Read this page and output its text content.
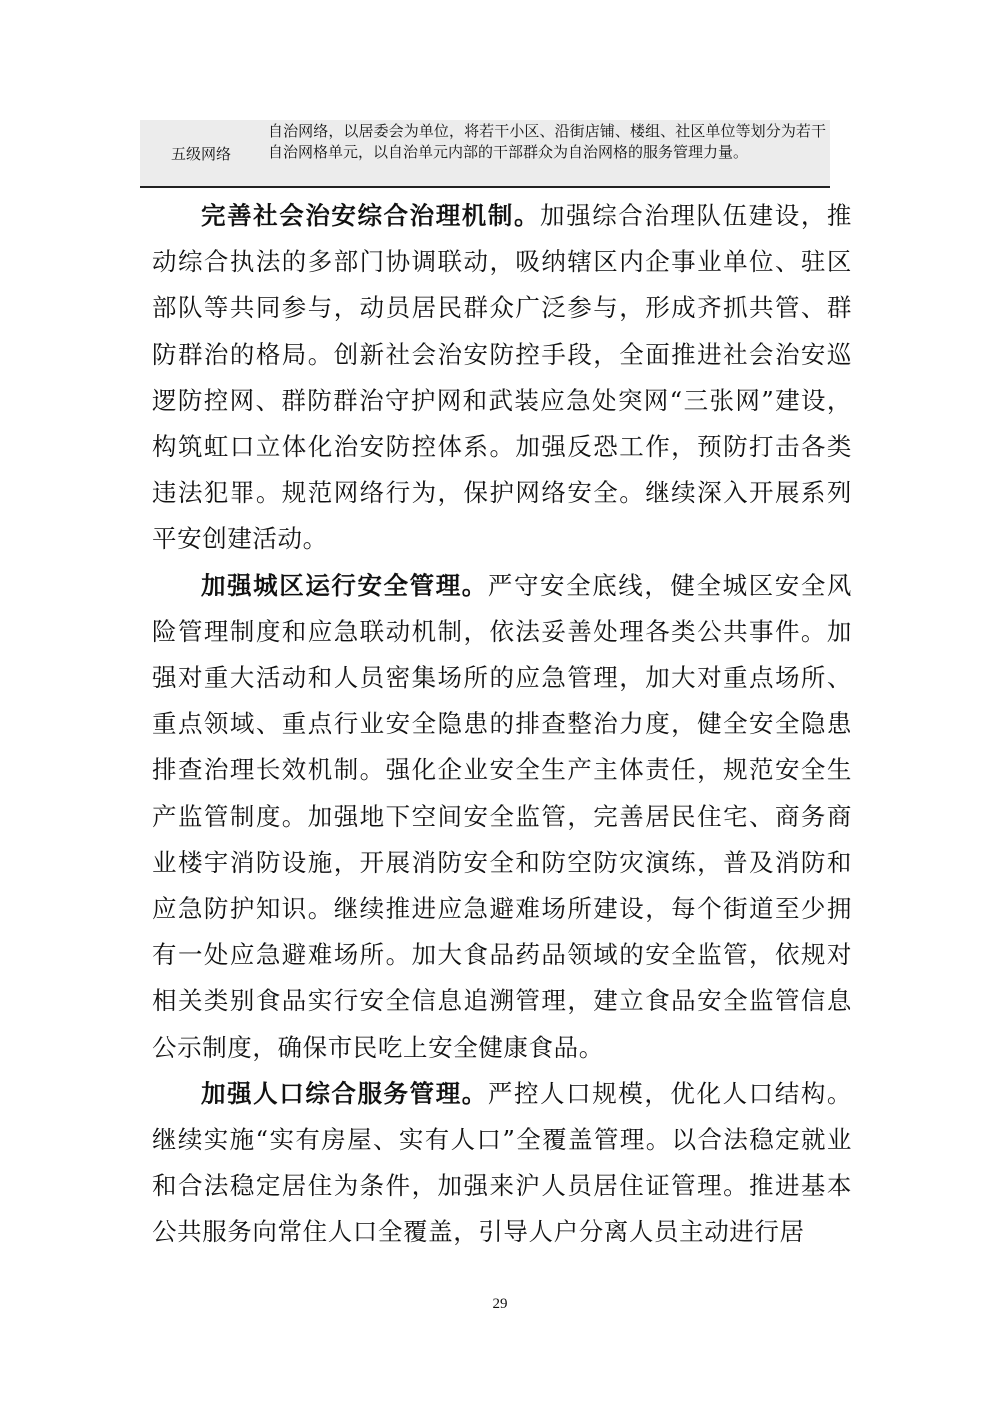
五级网络
自治网络，以居委会为单位，将若干小区、沿街店铺、楼组、社区单位等划分为若干自治网格单元，以自治单元内部的干部群众为自治网格的服务管理力量。

完善社会治安综合治理机制。加强综合治理队伍建设，推动综合执法的多部门协调联动，吸纳辖区内企事业单位、驻区部队等共同参与，动员居民群众广泛参与，形成齐抓共管、群防群治的格局。创新社会治安防控手段，全面推进社会治安巡逻防控网、群防群治守护网和武装应急处突网“三张网”建设，构筑虹口立体化治安防控体系。加强反恐工作，预防打击各类违法犯罪。规范网络行为，保护网络安全。继续深入开展系列平安创建活动。

加强城区运行安全管理。严守安全底线，健全城区安全风险管理制度和应急联动机制，依法妥善处理各类公共事件。加强对重大活动和人员密集场所的应急管理，加大对重点场所、重点领域、重点行业安全隐患的排查整治力度，健全安全隐患排查治理长效机制。强化企业安全生产主体责任，规范安全生产监管制度。加强地下空间安全监管，完善居民住宅、商务商业楼宇消防设施，开展消防安全和防空防灾演练，普及消防和应急防护知识。继续推进应急避难场所建设，每个街道至少拥有一处应急避难场所。加大食品药品领域的安全监管，依规对相关类别食品实行安全信息追溯管理，建立食品安全监管信息公示制度，确保市民吃上安全健康食品。

加强人口综合服务管理。严控人口规模，优化人口结构。继续实施“实有房屋、实有人口”全覆盖管理。以合法稳定就业和合法稳定居住为条件，加强来沪人员居住证管理。推进基本公共服务向常住人口全覆盖，引导人户分离人员主动进行居

29
